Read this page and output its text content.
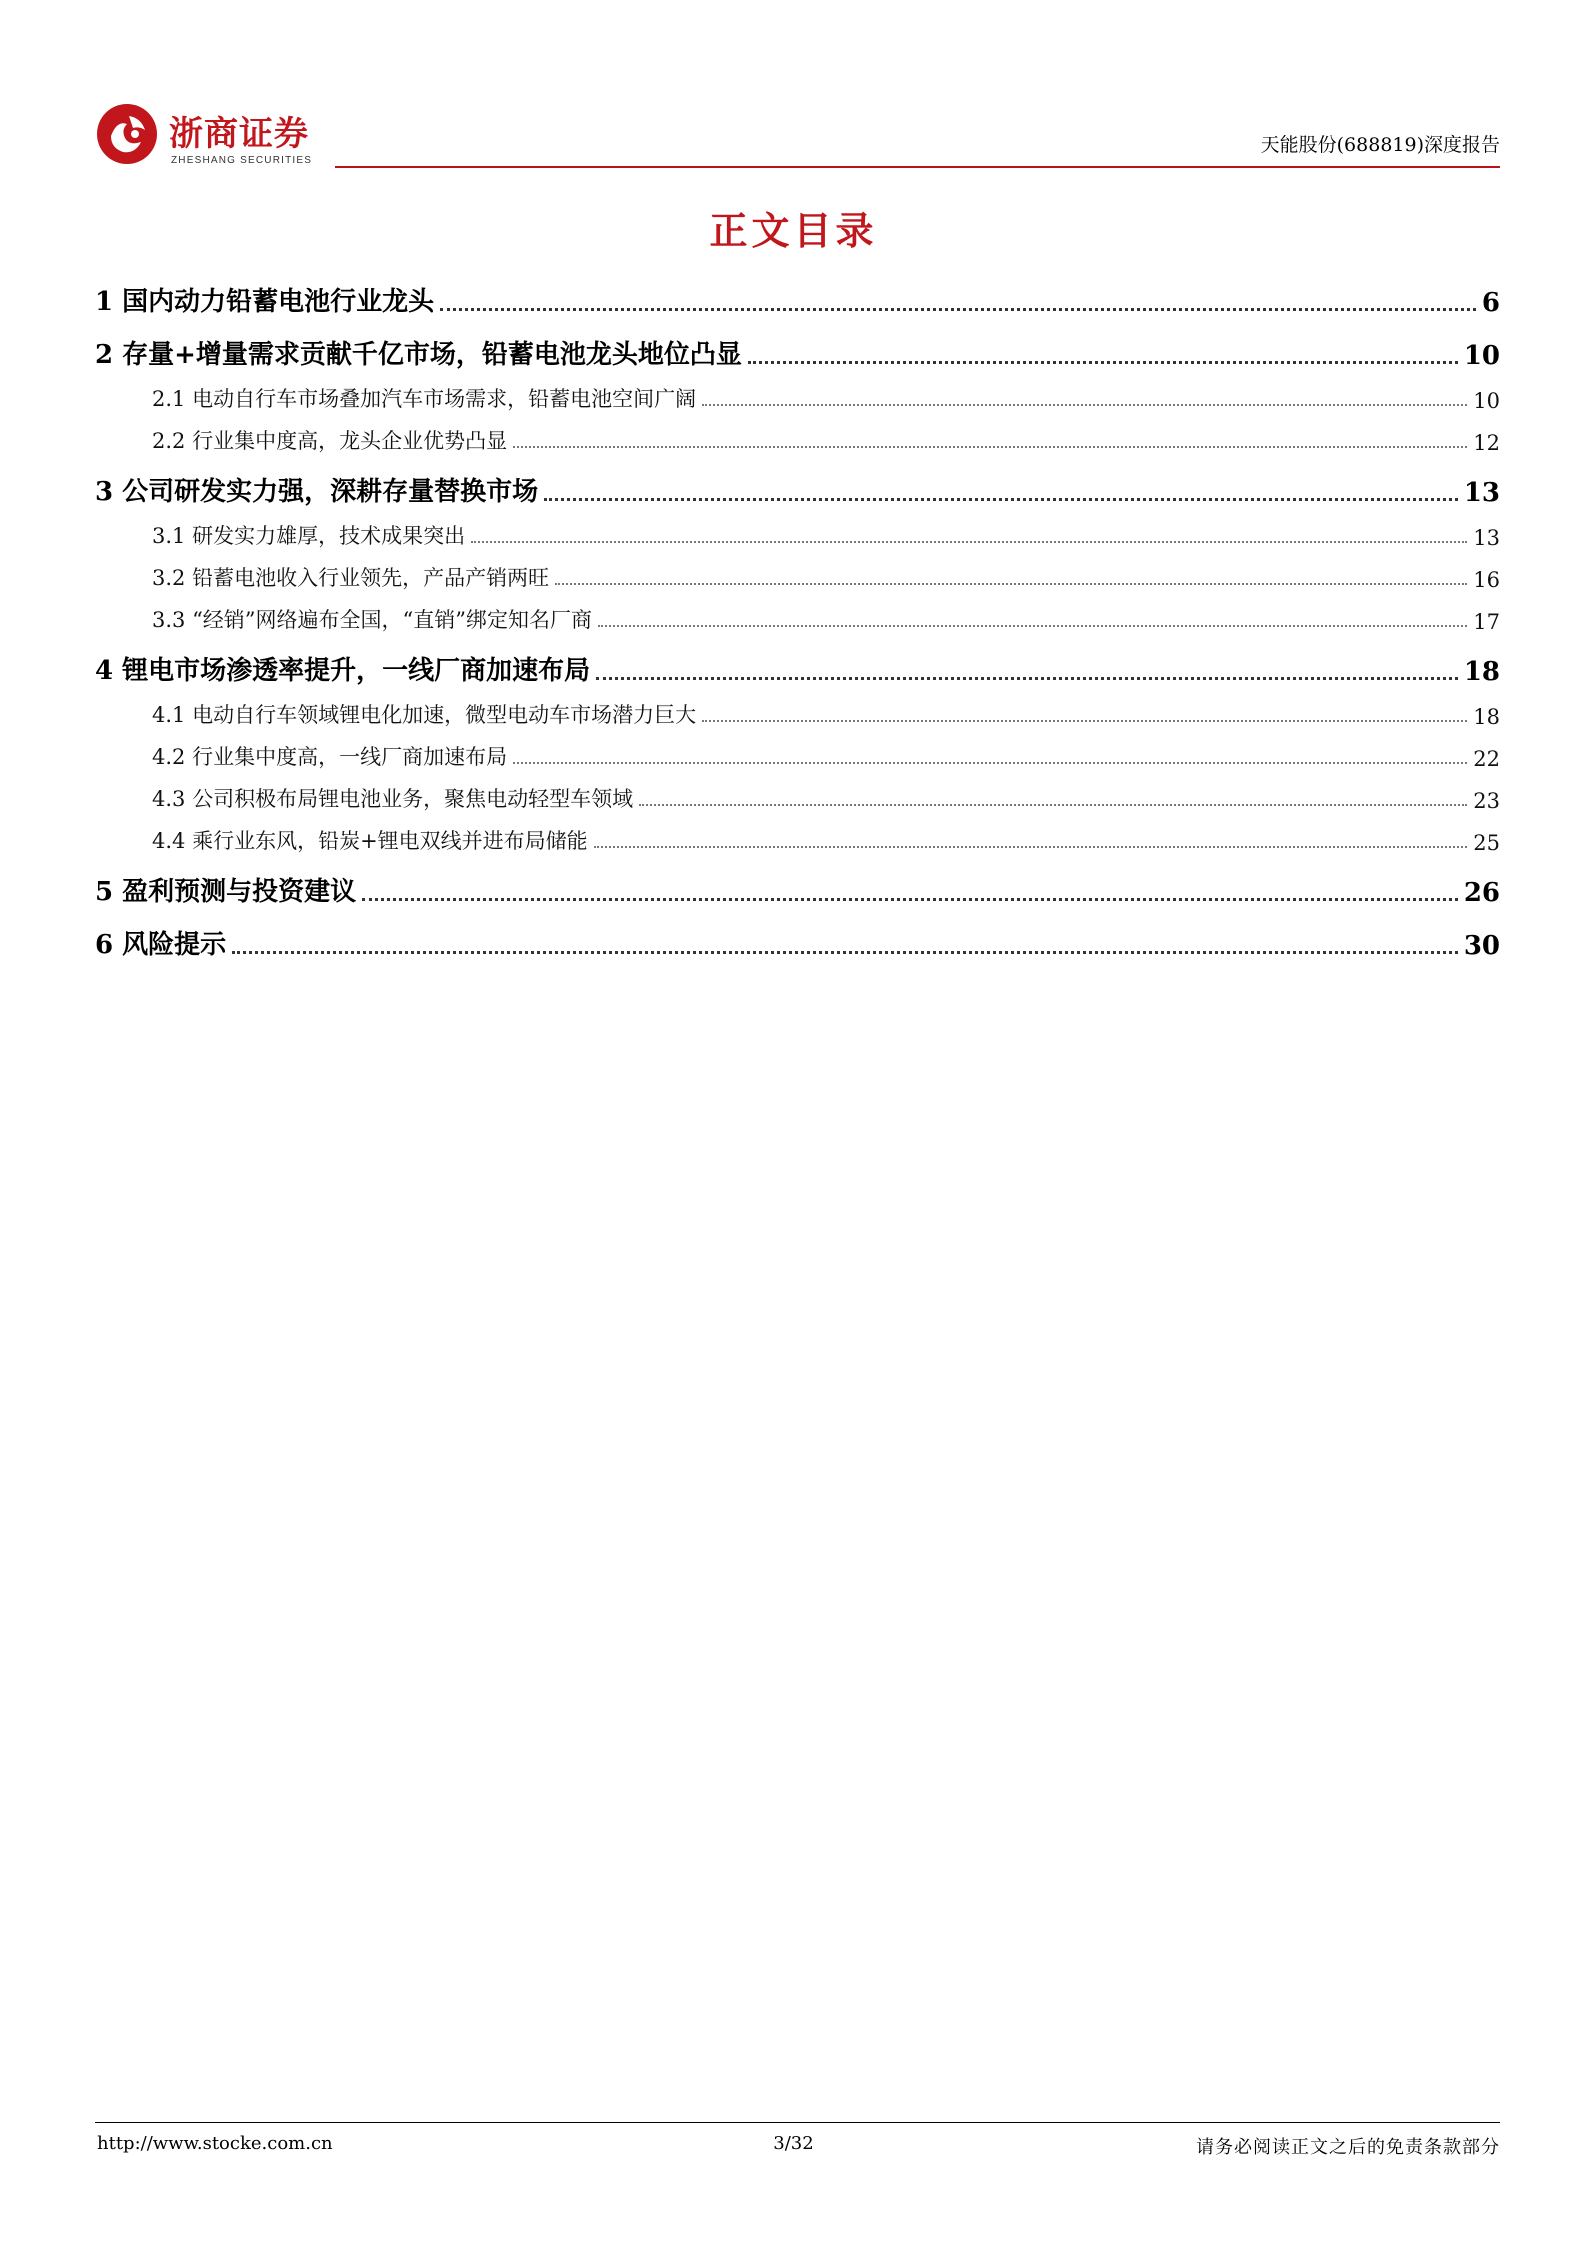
浙商证券
ZHESHANG SECURITIES
天能股份(688819)深度报告
正文目录
1 国内动力铅蓄电池行业龙头	6
2 存量+增量需求贡献千亿市场，铅蓄电池龙头地位凸显	10
2.1 电动自行车市场叠加汽车市场需求，铅蓄电池空间广阔	10
2.2 行业集中度高，龙头企业优势凸显	12
3 公司研发实力强，深耕存量替换市场	13
3.1 研发实力雄厚，技术成果突出	13
3.2 铅蓄电池收入行业领先，产品产销两旺	16
3.3 “经销”网络遍布全国，“直销”绑定知名厂商	17
4 锂电市场渗透率提升，一线厂商加速布局	18
4.1 电动自行车领域锂电化加速，微型电动车市场潜力巨大	18
4.2 行业集中度高，一线厂商加速布局	22
4.3 公司积极布局锂电池业务，聚焦电动轻型车领域	23
4.4 乘行业东风，铅炭+锂电双线并进布局储能	25
5 盈利预测与投资建议	26
6 风险提示	30
http://www.stocke.com.cn	3/32	请务必阅读正文之后的免责条款部分
